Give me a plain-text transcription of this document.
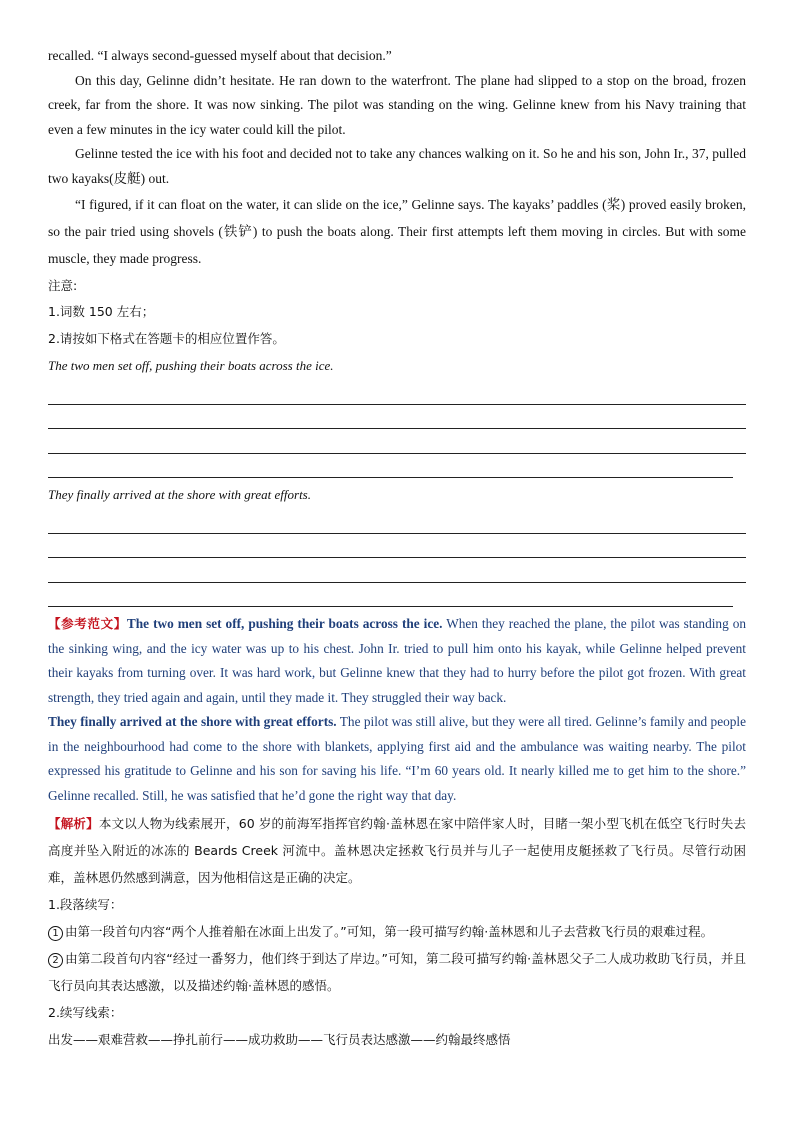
recalled. “I always second-guessed myself about that decision.”

On this day, Gelinne didn’t hesitate. He ran down to the waterfront. The plane had slipped to a stop on the broad, frozen creek, far from the shore. It was now sinking. The pilot was standing on the wing. Gelinne knew from his Navy training that even a few minutes in the icy water could kill the pilot.

Gelinne tested the ice with his foot and decided not to take any chances walking on it. So he and his son, John Ir., 37, pulled two kayaks(皮艇) out.

“I figured, if it can float on the water, it can slide on the ice,” Gelinne says. The kayaks’ paddles (桨) proved easily broken, so the pair tried using shovels (铁铲) to push the boats along. Their first attempts left them moving in circles. But with some muscle, they made progress.

注意:

1.词数 150 左右；

2.请按如下格式在答题卡的相应位置作答。

The two men set off, pushing their boats across the ice.

They finally arrived at the shore with great efforts.

【参考范文】The two men set off, pushing their boats across the ice. When they reached the plane, the pilot was standing on the sinking wing, and the icy water was up to his chest. John Ir. tried to pull him onto his kayak, while Gelinne helped prevent their kayaks from turning over. It was hard work, but Gelinne knew that they had to hurry before the pilot got frozen. With great strength, they tried again and again, until they made it. They struggled their way back.

They finally arrived at the shore with great efforts. The pilot was still alive, but they were all tired. Gelinne’s family and people in the neighbourhood had come to the shore with blankets, applying first aid and the ambulance was waiting nearby. The pilot expressed his gratitude to Gelinne and his son for saving his life. “I’m 60 years old. It nearly killed me to get him to the shore.” Gelinne recalled. Still, he was satisfied that he’d gone the right way that day.

【解析】本文以人物为线索展开，60 岁的前海军指挥官约翰·盖林恩在家中陪伴家人时，目睹一架小型飞机在低空飞行时失去高度并坠入附近的冰冻的 Beards Creek 河流中。盖林恩决定拯救飞行员并与儿子一起使用皮艇拯救了飞行员。尽管行动困难，盖林恩仍然感到满意，因为他相信这是正确的决定。

1.段落续写：

1 由第一段首句内容“两个人推着船在冰面上出发了。”可知，第一段可描写约翰·盖林恩和儿子去营救飞行员的艰难过程。

2 由第二段首句内容“经过一番努力，他们终于到达了岸边。”可知，第二段可描写约翰·盖林恩父子二人成功救助飞行员，并且飞行员向其表达感激，以及描述约翰·盖林恩的感悟。

2.续写线索：

出发——艰难营救——挣扎前行——成功救助——飞行员表达感激——约翰最终感悟
